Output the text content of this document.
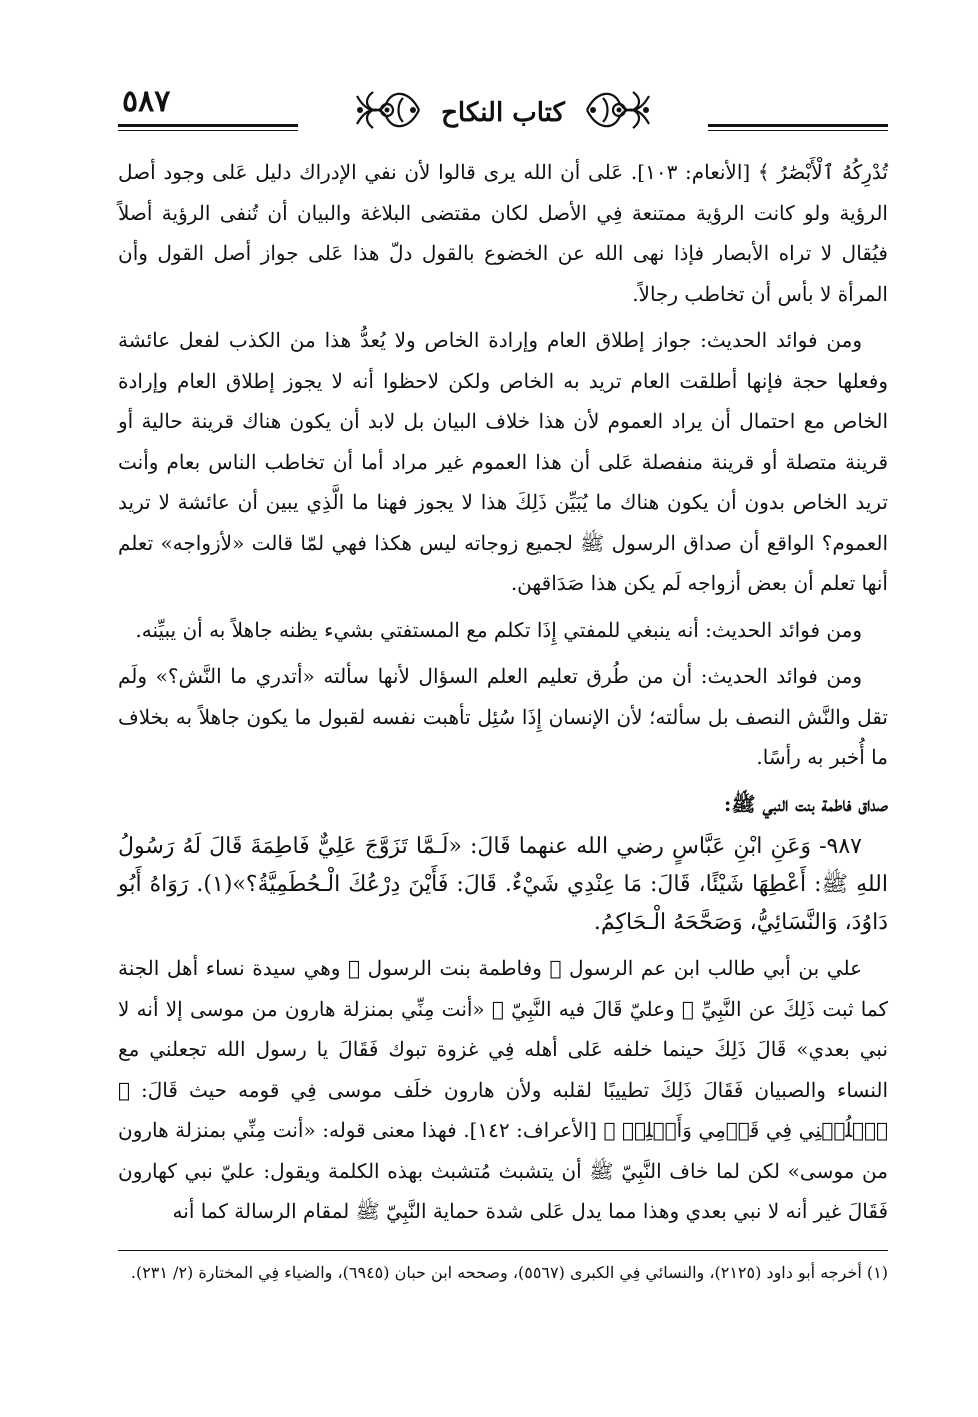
كتاب النكاح
٥٨٧

تُدْرِكُهُ ٱلْأَبْصَٰرُ ﴾ [الأنعام: ١٠٣]. عَلى أن الله يرى قالوا لأن نفي الإدراك دليل عَلى وجود أصل الرؤية ولو كانت الرؤية ممتنعة فِي الأصل لكان مقتضى البلاغة والبيان أن تُنفى الرؤية أصلاً فيُقال لا تراه الأبصار فإذا نهى الله عن الخضوع بالقول دلّ هذا عَلى جواز أصل القول وأن المرأة لا بأس أن تخاطب رجالاً.

ومن فوائد الحديث: جواز إطلاق العام وإرادة الخاص ولا يُعدُّ هذا من الكذب لفعل عائشة وفعلها حجة فإنها أطلقت العام تريد به الخاص ولكن لاحظوا أنه لا يجوز إطلاق العام وإرادة الخاص مع احتمال أن يراد العموم لأن هذا خلاف البيان بل لابد أن يكون هناك قرينة حالية أو قرينة متصلة أو قرينة منفصلة عَلى أن هذا العموم غير مراد أما أن تخاطب الناس بعام وأنت تريد الخاص بدون أن يكون هناك ما يُبَيِّن ذَلِكَ هذا لا يجوز فهنا ما الَّذِي يبين أن عائشة لا تريد العموم؟ الواقع أن صداق الرسول ﷺ لجميع زوجاته ليس هكذا فهي لمّا قالت «لأزواجه» تعلم أنها تعلم أن بعض أزواجه لَم يكن هذا صَدَاقهن.

ومن فوائد الحديث: أنه ينبغي للمفتي إِذَا تكلم مع المستفتي بشيء يظنه جاهلاً به أن يبيِّنه.

ومن فوائد الحديث: أن من طُرق تعليم العلم السؤال لأنها سألته «أتدري ما النَّش؟» ولَم تقل والنَّش النصف بل سألته؛ لأن الإنسان إِذَا سُئِل تأهبت نفسه لقبول ما يكون جاهلاً به بخلاف ما أُخبر به رأسًا.

صداق فاطمة بنت النبي ﷺ:

٩٨٧- وَعَنِ ابْنِ عَبَّاسٍ رضي الله عنهما قَالَ: «لَـمَّا تَزَوَّجَ عَلِيٌّ فَاطِمَةَ قَالَ لَهُ رَسُولُ اللهِ ﷺ: أَعْطِهَا شَيْئًا، قَالَ: مَا عِنْدِي شَيْءٌ. قَالَ: فَأَيْنَ دِرْعُكَ الْـحُطَمِيَّةُ؟»(١). رَوَاهُ أَبُو دَاوُدَ، وَالنَّسَائِيُّ، وَصَحَّحَهُ الْـحَاكِمُ.

علي بن أبي طالب ابن عم الرسول ﷺ وفاطمة بنت الرسول ﷺ وهي سيدة نساء أهل الجنة كما ثبت ذَلِكَ عن النَّبِيِّ ﷺ وعليّ قَالَ فيه النَّبِيّ ﷺ «أنت مِنِّي بمنزلة هارون من موسى إلا أنه لا نبي بعدي» قَالَ ذَلِكَ حينما خلفه عَلى أهله فِي غزوة تبوك فَقَالَ يا رسول الله تجعلني مع النساء والصبيان فَقَالَ ذَلِكَ تطييبًا لقلبه ولأن هارون خلَف موسى فِي قومه حيث قَالَ: ﴿ ٱخۡلُفۡنِي فِي قَوۡمِي وَأَصۡلِحۡ ﴾ [الأعراف: ١٤٢]. فهذا معنى قوله: «أنت مِنِّي بمنزلة هارون من موسى» لكن لما خاف النَّبِيّ ﷺ أن يتشبث مُتشبث بهذه الكلمة ويقول: عليّ نبي كهارون فَقَالَ غير أنه لا نبي بعدي وهذا مما يدل عَلى شدة حماية النَّبِيّ ﷺ لمقام الرسالة كما أنه

(١) أخرجه أبو داود (٢١٢٥)، والنسائي فِي الكبرى (٥٥٦٧)، وصححه ابن حبان (٦٩٤٥)، والضياء فِي المختارة (٢/ ٢٣١).
